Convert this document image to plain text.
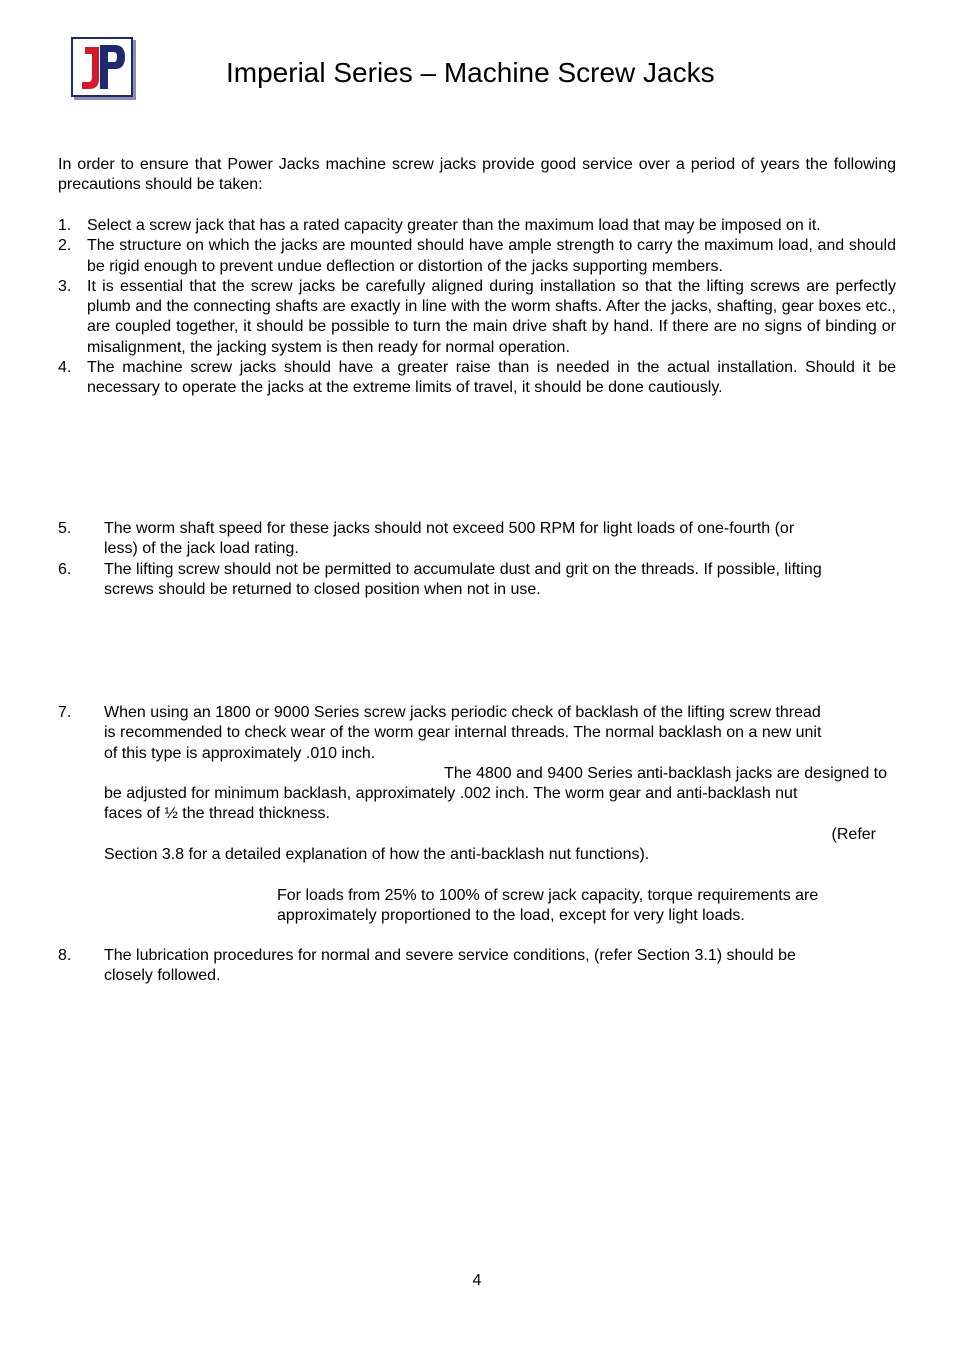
Imperial Series – Machine Screw Jacks
In order to ensure that Power Jacks machine screw jacks provide good service over a period of years the following precautions should be taken:
1. Select a screw jack that has a rated capacity greater than the maximum load that may be imposed on it.
2. The structure on which the jacks are mounted should have ample strength to carry the maximum load, and should be rigid enough to prevent undue deflection or distortion of the jacks supporting members.
3. It is essential that the screw jacks be carefully aligned during installation so that the lifting screws are perfectly plumb and the connecting shafts are exactly in line with the worm shafts. After the jacks, shafting, gear boxes etc., are coupled together, it should be possible to turn the main drive shaft by hand. If there are no signs of binding or misalignment, the jacking system is then ready for normal operation.
4. The machine screw jacks should have a greater raise than is needed in the actual installation. Should it be necessary to operate the jacks at the extreme limits of travel, it should be done cautiously.
5. The worm shaft speed for these jacks should not exceed 500 RPM for light loads of one-fourth (or
less) of the jack load rating.
6. The lifting screw should not be permitted to accumulate dust and grit on the threads. If possible, lifting
screws should be returned to closed position when not in use.
7. When using an 1800 or 9000 Series screw jacks periodic check of backlash of the lifting screw thread
is recommended to check wear of the worm gear internal threads. The normal backlash on a new unit
of this type is approximately .010 inch.
The 4800 and 9400 Series anti-backlash jacks are designed to
be adjusted for minimum backlash, approximately .002 inch. The worm gear and anti-backlash nut
faces of ½ the thread thickness.
(Refer
Section 3.8 for a detailed explanation of how the anti-backlash nut functions).
For loads from 25% to 100% of screw jack capacity, torque requirements are
approximately proportioned to the load, except for very light loads.
8. The lubrication procedures for normal and severe service conditions, (refer Section 3.1) should be
closely followed.
4
